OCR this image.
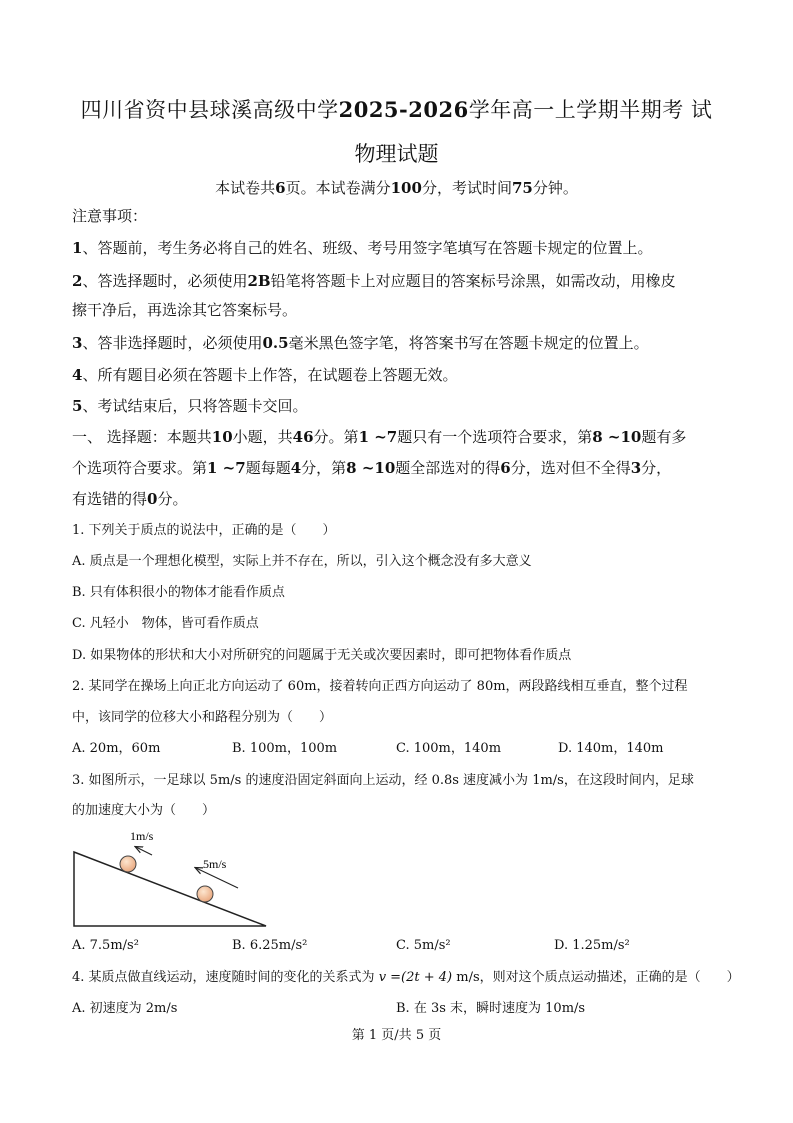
四川省资中县球溪高级中学2025-2026学年高一上学期半期考 试
物理试题
本试卷共6页。本试卷满分100分，考试时间75分钟。
注意事项：
1、答题前，考生务必将自己的姓名、班级、考号用签字笔填写在答题卡规定的位置上。
2、答选择题时，必须使用2B铅笔将答题卡上对应题目的答案标号涂黑，如需改动，用橡皮
擦干净后，再选涂其它答案标号。
3、答非选择题时，必须使用0.5毫米黑色签字笔，将答案书写在答题卡规定的位置上。
4、所有题目必须在答题卡上作答，在试题卷上答题无效。
5、考试结束后，只将答题卡交回。
一、 选择题：本题共10小题，共46分。第1 ~7题只有一个选项符合要求，第8 ~10题有多
个选项符合要求。第1 ~7题每题4分，第8 ~10题全部选对的得6分，选对但不全得3分，
有选错的得0分。
1. 下列关于质点的说法中，正确的是（　　）
A. 质点是一个理想化模型，实际上并不存在，所以，引入这个概念没有多大意义
B. 只有体积很小的物体才能看作质点
C. 凡轻小　物体，皆可看作质点
D. 如果物体的形状和大小对所研究的问题属于无关或次要因素时，即可把物体看作质点
2. 某同学在操场上向正北方向运动了 60m，接着转向正西方向运动了 80m，两段路线相互垂直，整个过程
中，该同学的位移大小和路程分别为（　　）
A. 20m，60m	B. 100m，100m	C. 100m，140m	D. 140m，140m
3. 如图所示，一足球以 5m/s 的速度沿固定斜面向上运动，经 0.8s 速度减小为 1m/s，在这段时间内，足球
的加速度大小为（　　）
1m/s
5m/s
A. 7.5m/s²	B. 6.25m/s²	C. 5m/s²	D. 1.25m/s²
4. 某质点做直线运动，速度随时间的变化的关系式为 v =(2t + 4) m/s，则对这个质点运动描述，正确的是（　　）
A. 初速度为 2m/s	B. 在 3s 末，瞬时速度为 10m/s
第 1 页/共 5 页
